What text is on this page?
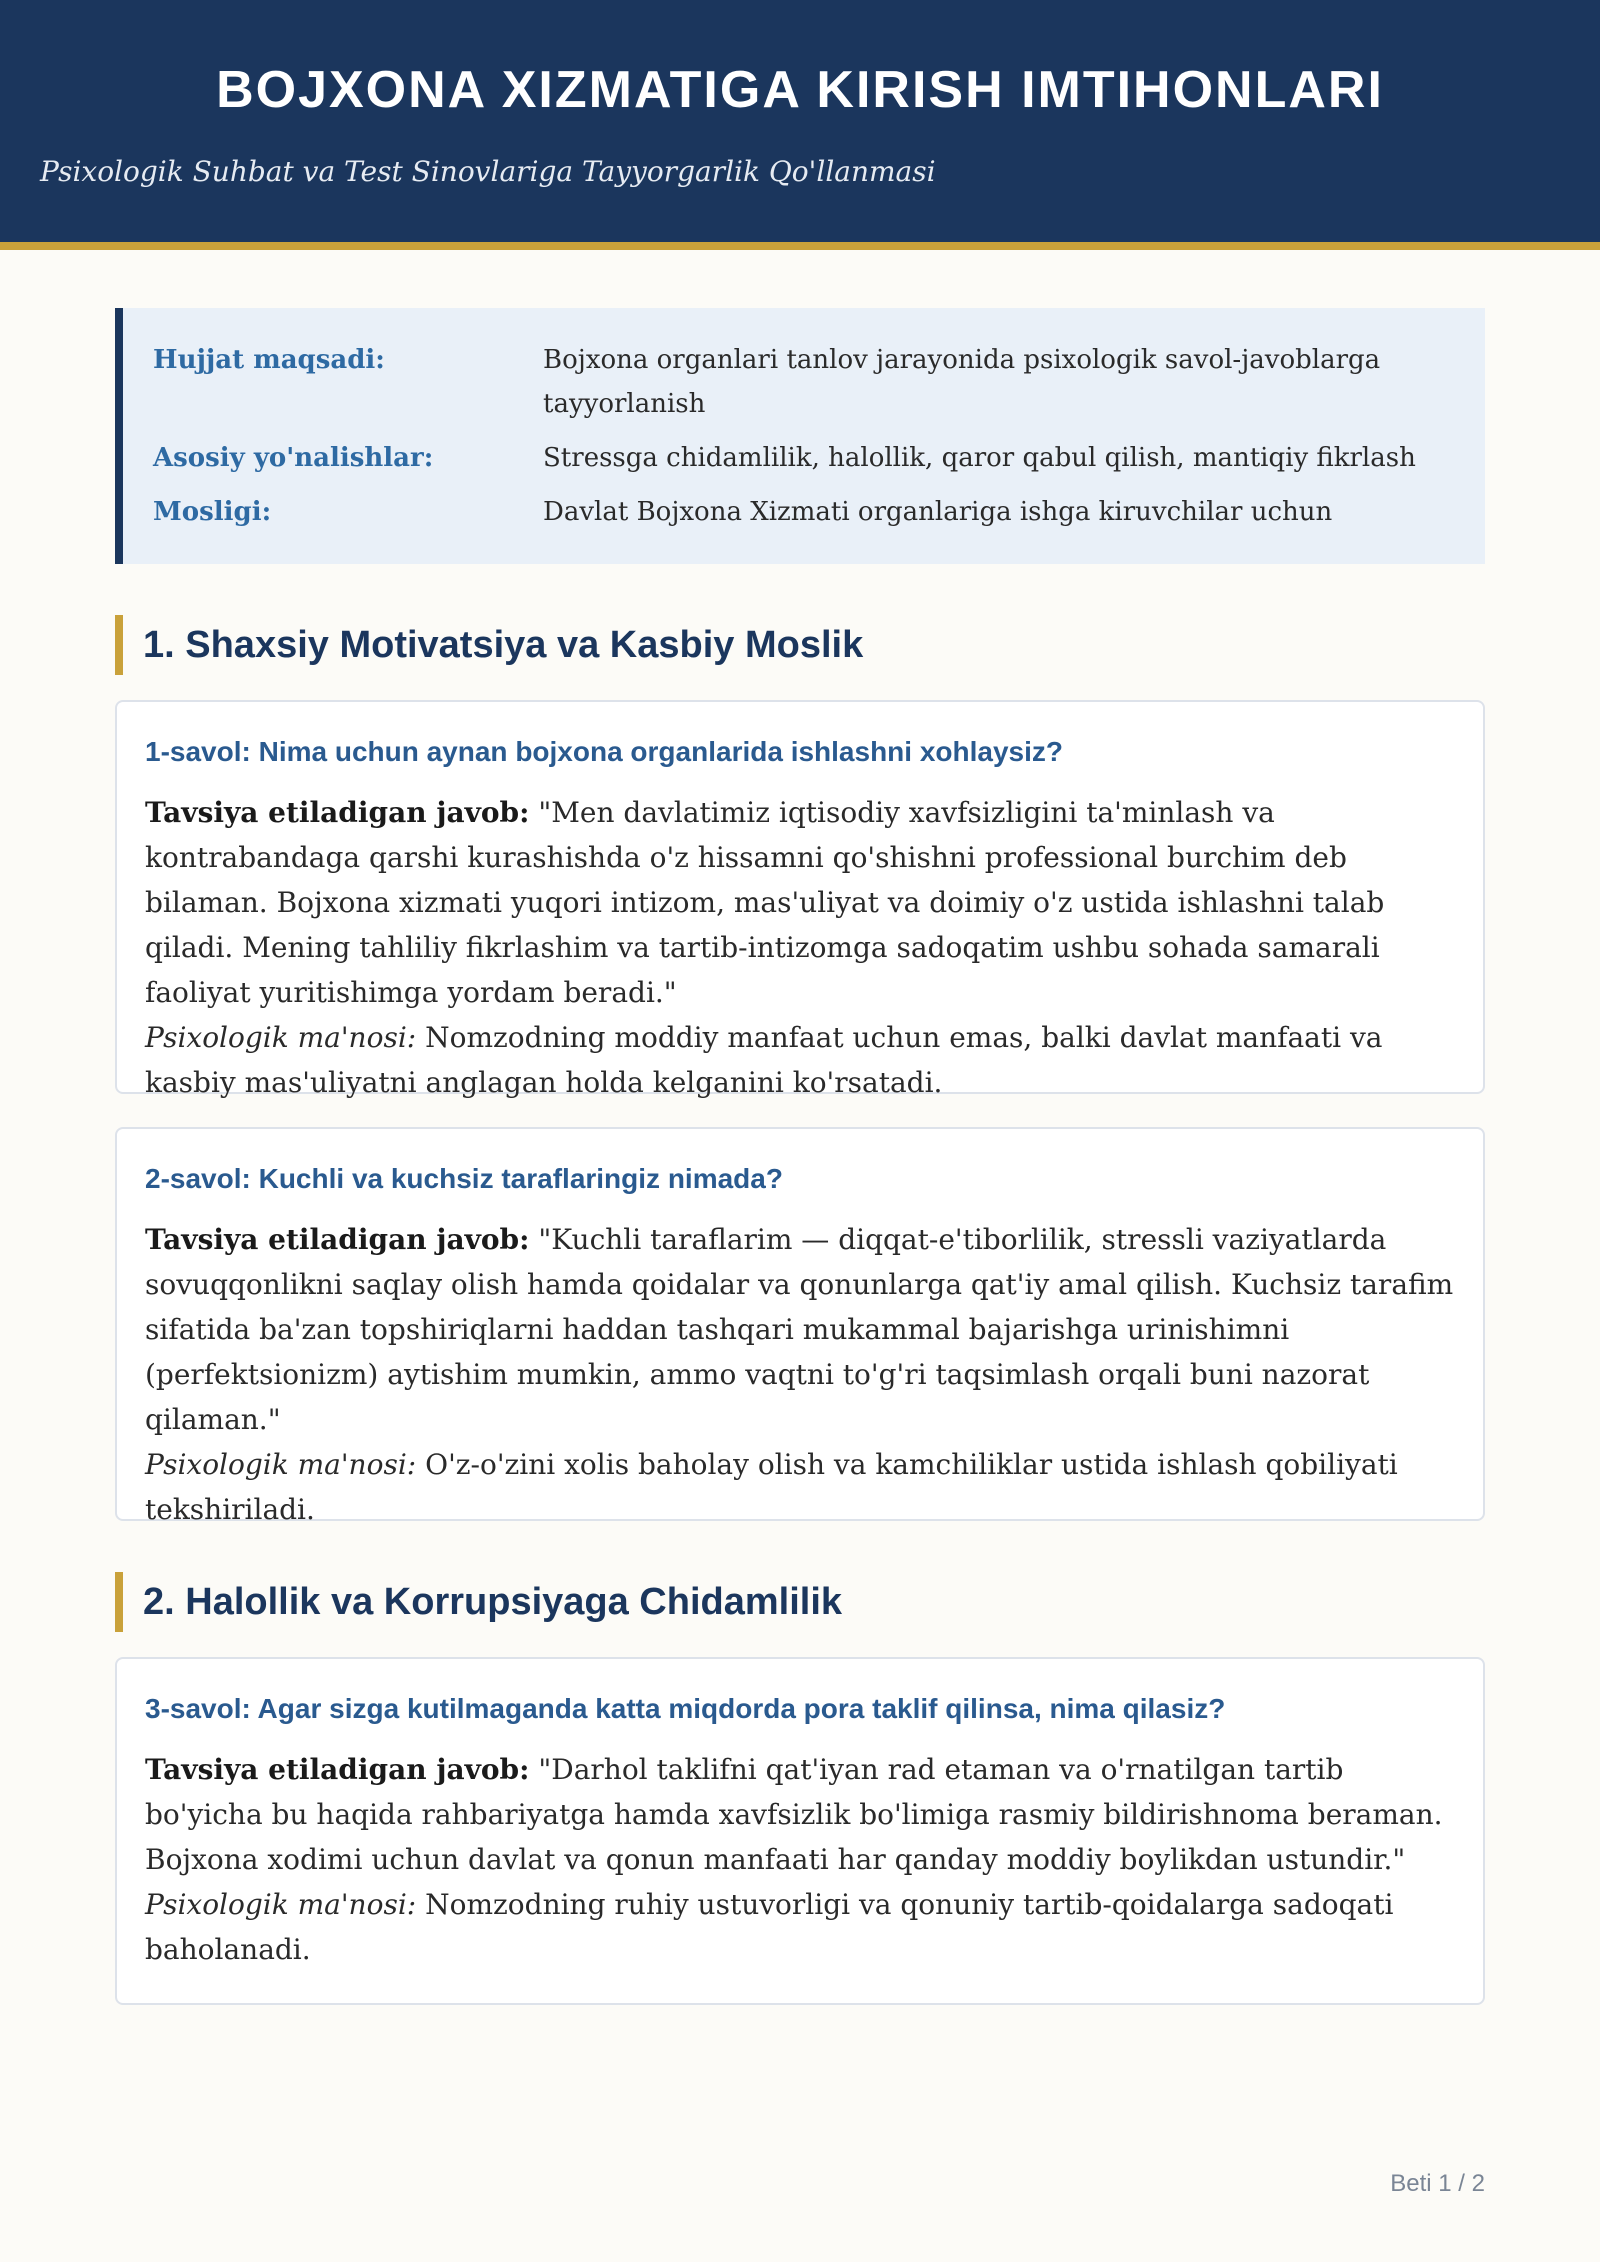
BOJXONA XIZMATIGA KIRISH IMTIHONLARI

Psixologik Suhbat va Test Sinovlariga Tayyorgarlik Qo'llanmasi

Hujjat maqsadi:	Bojxona organlari tanlov jarayonida psixologik savol-javoblarga tayyorlanish
Asosiy yo'nalishlar:	Stressga chidamlilik, halollik, qaror qabul qilish, mantiqiy fikrlash
Mosligi:	Davlat Bojxona Xizmati organlariga ishga kiruvchilar uchun
1. Shaxsiy Motivatsiya va Kasbiy Moslik
1-savol: Nima uchun aynan bojxona organlarida ishlashni xohlaysiz?

Tavsiya etiladigan javob: "Men davlatimiz iqtisodiy xavfsizligini ta'minlash va kontrabandaga qarshi kurashishda o'z hissamni qo'shishni professional burchim deb bilaman. Bojxona xizmati yuqori intizom, mas'uliyat va doimiy o'z ustida ishlashni talab qiladi. Mening tahliliy fikrlashim va tartib-intizomga sadoqatim ushbu sohada samarali faoliyat yuritishimga yordam beradi."
Psixologik ma'nosi: Nomzodning moddiy manfaat uchun emas, balki davlat manfaati va kasbiy mas'uliyatni anglagan holda kelganini ko'rsatadi.

2-savol: Kuchli va kuchsiz taraflaringiz nimada?

Tavsiya etiladigan javob: "Kuchli taraflarim — diqqat-e'tiborlilik, stressli vaziyatlarda sovuqqonlikni saqlay olish hamda qoidalar va qonunlarga qat'iy amal qilish. Kuchsiz tarafim sifatida ba'zan topshiriqlarni haddan tashqari mukammal bajarishga urinishimni (perfektsionizm) aytishim mumkin, ammo vaqtni to'g'ri taqsimlash orqali buni nazorat qilaman."
Psixologik ma'nosi: O'z-o'zini xolis baholay olish va kamchiliklar ustida ishlash qobiliyati tekshiriladi.

2. Halollik va Korrupsiyaga Chidamlilik
3-savol: Agar sizga kutilmaganda katta miqdorda pora taklif qilinsa, nima qilasiz?

Tavsiya etiladigan javob: "Darhol taklifni qat'iyan rad etaman va o'rnatilgan tartib bo'yicha bu haqida rahbariyatga hamda xavfsizlik bo'limiga rasmiy bildirishnoma beraman. Bojxona xodimi uchun davlat va qonun manfaati har qanday moddiy boylikdan ustundir."
Psixologik ma'nosi: Nomzodning ruhiy ustuvorligi va qonuniy tartib-qoidalarga sadoqati baholanadi.

Beti 1 / 2
